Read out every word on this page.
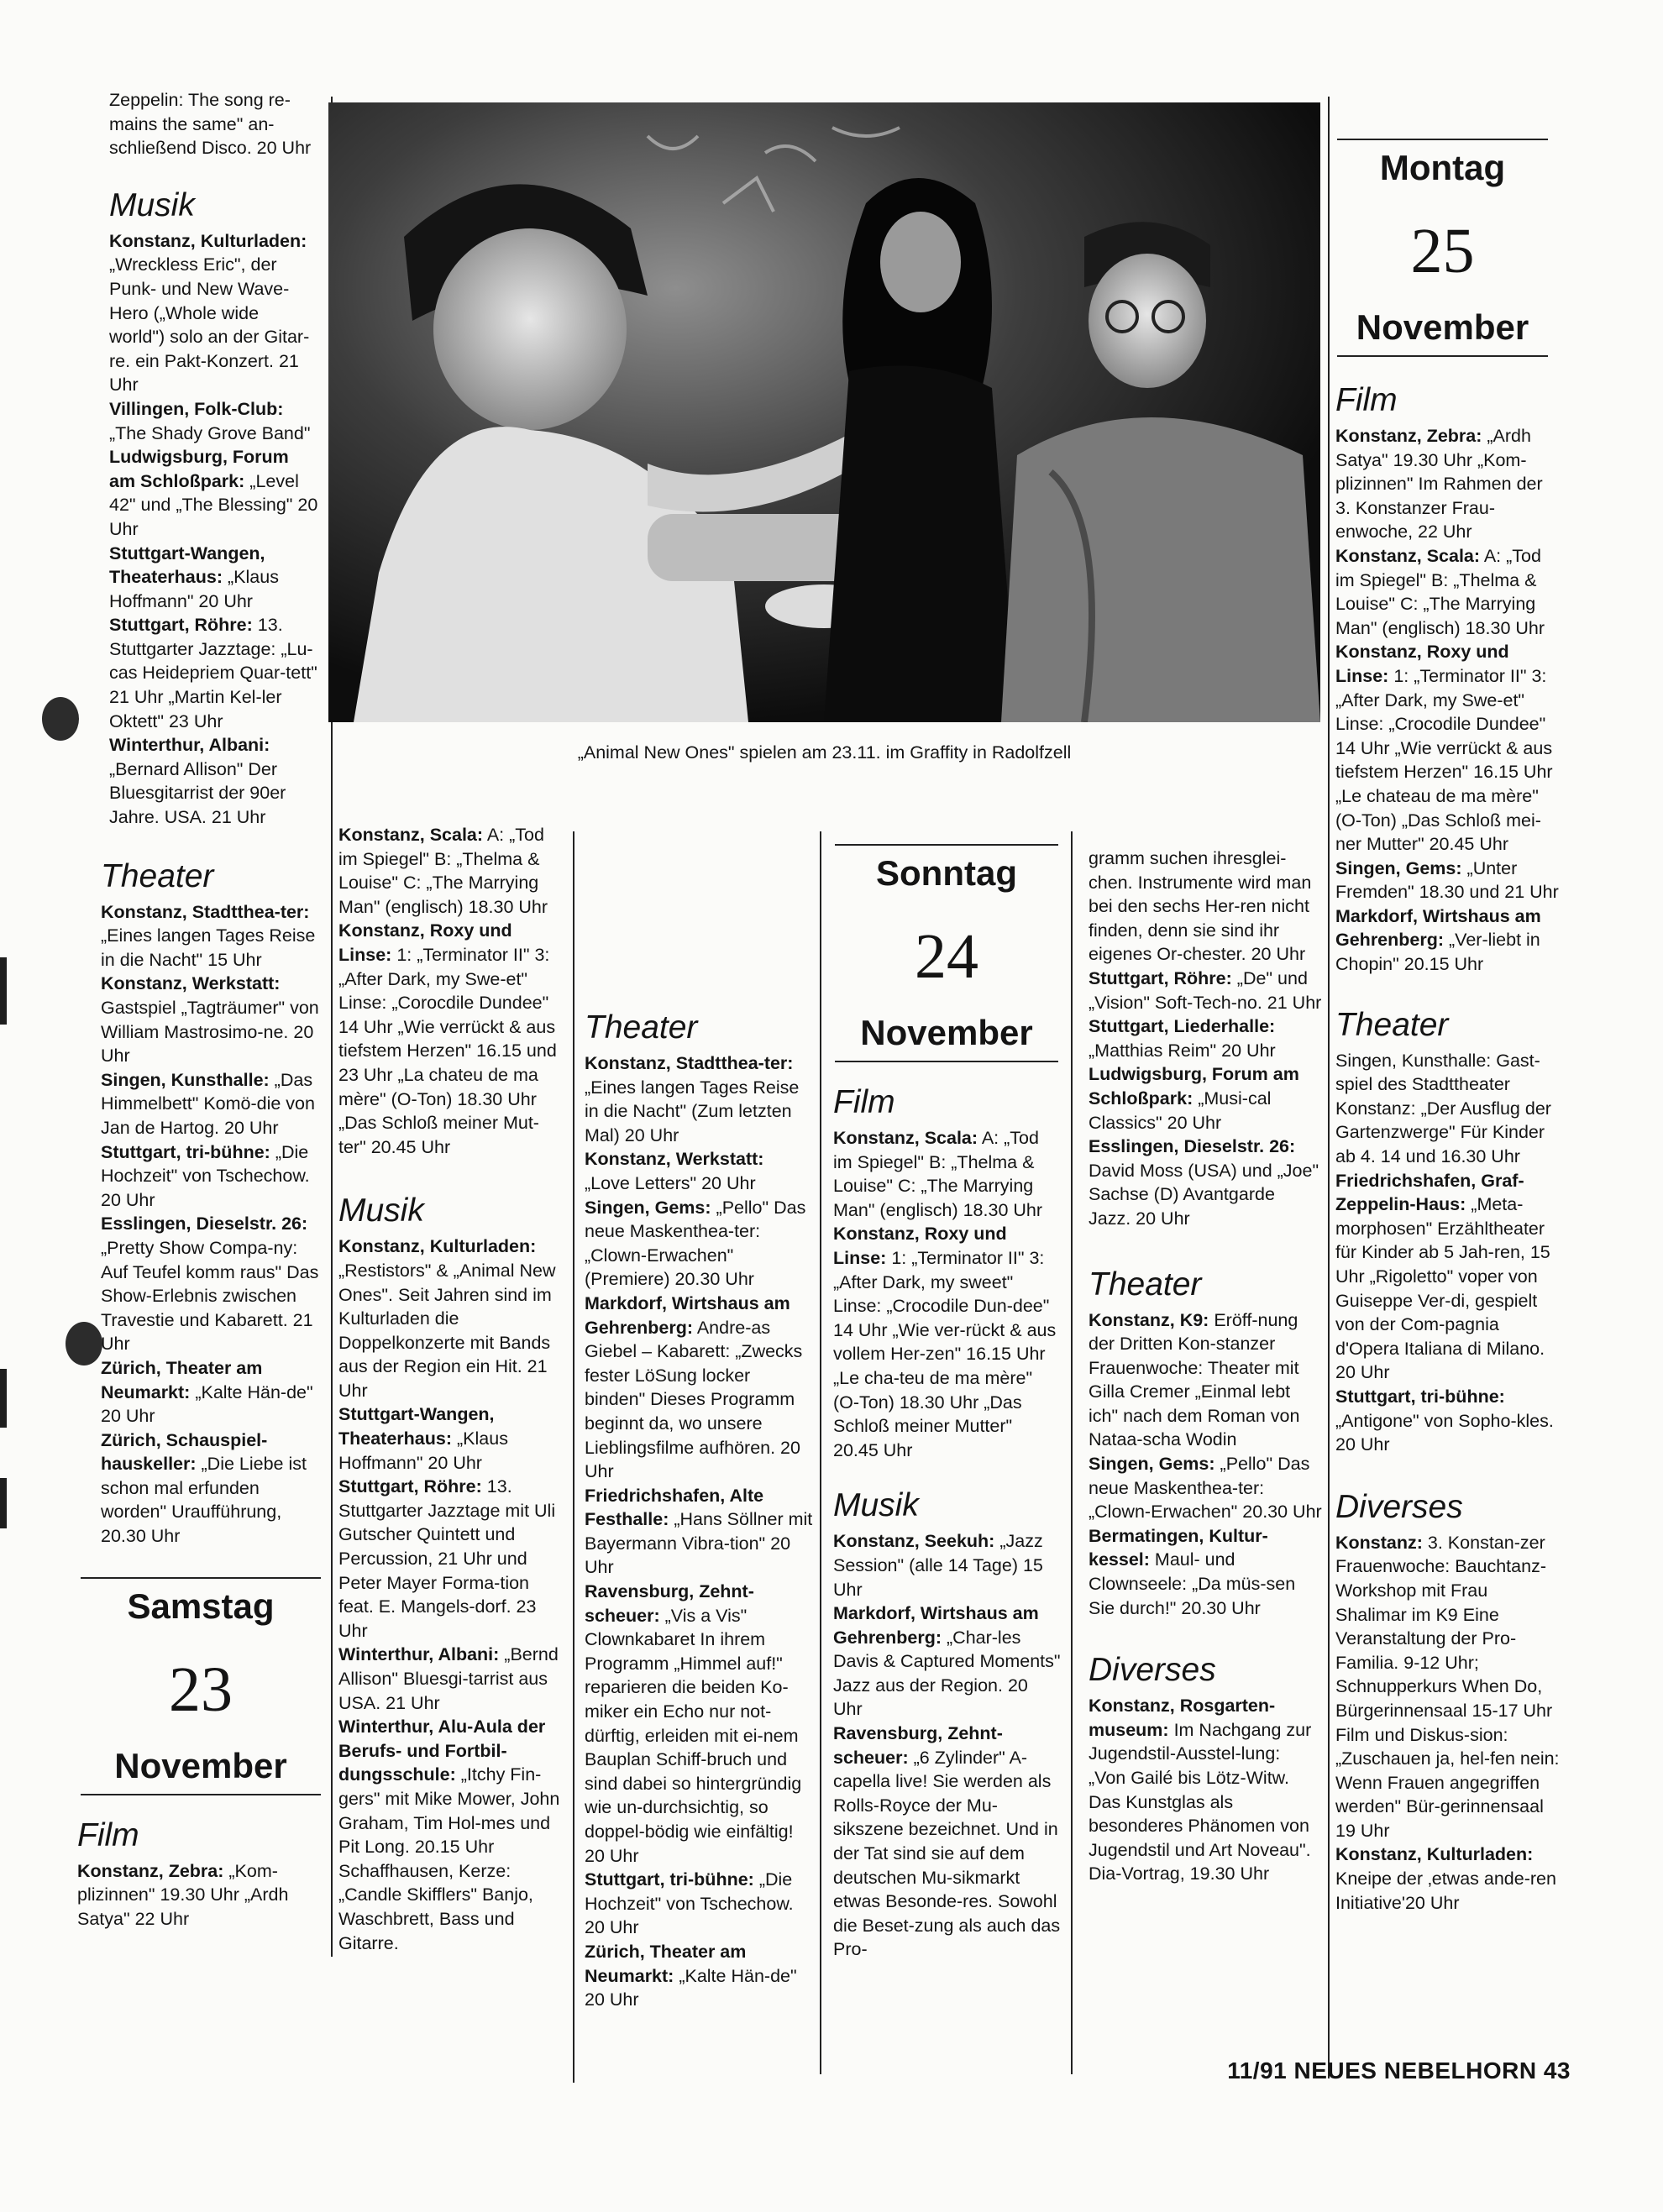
Zeppelin: The song re-mains the same" an-schließend Disco. 20 Uhr

Musik

Konstanz, Kulturladen: „Wreckless Eric", der Punk- und New Wave-Hero („Whole wide world") solo an der Gitar-re. ein Pakt-Konzert. 21 Uhr

Villingen, Folk-Club: „The Shady Grove Band"

Ludwigsburg, Forum am Schloßpark: „Level 42" und „The Blessing" 20 Uhr

Stuttgart-Wangen, Theaterhaus: „Klaus Hoffmann" 20 Uhr

Stuttgart, Röhre: 13. Stuttgarter Jazztage: „Lu-cas Heidepriem Quar-tett" 21 Uhr „Martin Kel-ler Oktett" 23 Uhr

Winterthur, Albani: „Bernard Allison" Der Bluesgitarrist der 90er Jahre. USA. 21 Uhr

Theater

Konstanz, Stadtthea-ter: „Eines langen Tages Reise in die Nacht" 15 Uhr

Konstanz, Werkstatt: Gastspiel „Tagträumer" von William Mastrosimo-ne. 20 Uhr

Singen, Kunsthalle: „Das Himmelbett" Komö-die von Jan de Hartog. 20 Uhr

Stuttgart, tri-bühne: „Die Hochzeit" von Tschechow. 20 Uhr

Esslingen, Dieselstr. 26: „Pretty Show Compa-ny: Auf Teufel komm raus" Das Show-Erlebnis zwischen Travestie und Kabarett. 21 Uhr

Zürich, Theater am Neumarkt: „Kalte Hän-de" 20 Uhr

Zürich, Schauspiel-hauskeller: „Die Liebe ist schon mal erfunden worden" Uraufführung, 20.30 Uhr

Samstag
23
November
Film

Konstanz, Zebra: „Kom-plizinnen" 19.30 Uhr „Ardh Satya" 22 Uhr

„Animal New Ones" spielen am 23.11. im Graffity in Radolfzell

Konstanz, Scala: A: „Tod im Spiegel" B: „Thelma & Louise" C: „The Marrying Man" (englisch) 18.30 Uhr

Konstanz, Roxy und Linse: 1: „Terminator II" 3: „After Dark, my Swe-et" Linse: „Corocdile Dundee" 14 Uhr „Wie verrückt & aus tiefstem Herzen" 16.15 und 23 Uhr „La chateu de ma mère" (O-Ton) 18.30 Uhr „Das Schloß meiner Mut-ter" 20.45 Uhr

Musik

Konstanz, Kulturladen: „Restistors" & „Animal New Ones". Seit Jahren sind im Kulturladen die Doppelkonzerte mit Bands aus der Region ein Hit. 21 Uhr

Stuttgart-Wangen, Theaterhaus: „Klaus Hoffmann" 20 Uhr

Stuttgart, Röhre: 13. Stuttgarter Jazztage mit Uli Gutscher Quintett und Percussion, 21 Uhr und Peter Mayer Forma-tion feat. E. Mangels-dorf. 23 Uhr

Winterthur, Albani: „Bernd Allison" Bluesgi-tarrist aus USA. 21 Uhr

Winterthur, Alu-Aula der Berufs- und Fortbil-dungsschule: „Itchy Fin-gers" mit Mike Mower, John Graham, Tim Hol-mes und Pit Long. 20.15 Uhr

Schaffhausen, Kerze: „Candle Skifflers" Banjo, Waschbrett, Bass und Gitarre.

Theater

Konstanz, Stadtthea-ter: „Eines langen Tages Reise in die Nacht" (Zum letzten Mal) 20 Uhr

Konstanz, Werkstatt: „Love Letters" 20 Uhr

Singen, Gems: „Pello" Das neue Maskenthea-ter: „Clown-Erwachen" (Premiere) 20.30 Uhr

Markdorf, Wirtshaus am Gehrenberg: Andre-as Giebel – Kabarett: „Zwecks fester LöSung locker binden" Dieses Programm beginnt da, wo unsere Lieblingsfilme aufhören. 20 Uhr

Friedrichshafen, Alte Festhalle: „Hans Söllner mit Bayermann Vibra-tion" 20 Uhr

Ravensburg, Zehnt-scheuer: „Vis a Vis" Clownkabaret In ihrem Programm „Himmel auf!" reparieren die beiden Ko-miker ein Echo nur not-dürftig, erleiden mit ei-nem Bauplan Schiff-bruch und sind dabei so hintergründig wie un-durchsichtig, so doppel-bödig wie einfältig! 20 Uhr

Stuttgart, tri-bühne: „Die Hochzeit" von Tschechow. 20 Uhr

Zürich, Theater am Neumarkt: „Kalte Hän-de" 20 Uhr

Sonntag
24
November
Film

Konstanz, Scala: A: „Tod im Spiegel" B: „Thelma & Louise" C: „The Marrying Man" (englisch) 18.30 Uhr

Konstanz, Roxy und Linse: 1: „Terminator II" 3: „After Dark, my sweet" Linse: „Crocodile Dun-dee" 14 Uhr „Wie ver-rückt & aus vollem Her-zen" 16.15 Uhr „Le cha-teu de ma mère" (O-Ton) 18.30 Uhr „Das Schloß meiner Mutter" 20.45 Uhr

Musik

Konstanz, Seekuh: „Jazz Session" (alle 14 Tage) 15 Uhr

Markdorf, Wirtshaus am Gehrenberg: „Char-les Davis & Captured Moments" Jazz aus der Region. 20 Uhr

Ravensburg, Zehnt-scheuer: „6 Zylinder" A-capella live! Sie werden als Rolls-Royce der Mu-sikszene bezeichnet. Und in der Tat sind sie auf dem deutschen Mu-sikmarkt etwas Besonde-res. Sowohl die Beset-zung als auch das Pro-

gramm suchen ihresglei-chen. Instrumente wird man bei den sechs Her-ren nicht finden, denn sie sind ihr eigenes Or-chester. 20 Uhr

Stuttgart, Röhre: „De" und „Vision" Soft-Tech-no. 21 Uhr

Stuttgart, Liederhalle: „Matthias Reim" 20 Uhr

Ludwigsburg, Forum am Schloßpark: „Musi-cal Classics" 20 Uhr

Esslingen, Dieselstr. 26: David Moss (USA) und „Joe" Sachse (D) Avantgarde Jazz. 20 Uhr

Theater

Konstanz, K9: Eröff-nung der Dritten Kon-stanzer Frauenwoche: Theater mit Gilla Cremer „Einmal lebt ich" nach dem Roman von Nataa-scha Wodin

Singen, Gems: „Pello" Das neue Maskenthea-ter: „Clown-Erwachen" 20.30 Uhr

Bermatingen, Kultur-kessel: Maul- und Clownseele: „Da müs-sen Sie durch!" 20.30 Uhr

Diverses

Konstanz, Rosgarten-museum: Im Nachgang zur Jugendstil-Ausstel-lung: „Von Gailé bis Lötz-Witw. Das Kunstglas als besonderes Phänomen von Jugendstil und Art Noveau". Dia-Vortrag, 19.30 Uhr

Montag
25
November
Film

Konstanz, Zebra: „Ardh Satya" 19.30 Uhr „Kom-plizinnen" Im Rahmen der 3. Konstanzer Frau-enwoche, 22 Uhr

Konstanz, Scala: A: „Tod im Spiegel" B: „Thelma & Louise" C: „The Marrying Man" (englisch) 18.30 Uhr

Konstanz, Roxy und Linse: 1: „Terminator II" 3: „After Dark, my Swe-et" Linse: „Crocodile Dundee" 14 Uhr „Wie verrückt & aus tiefstem Herzen" 16.15 Uhr „Le chateau de ma mère" (O-Ton) „Das Schloß mei-ner Mutter" 20.45 Uhr

Singen, Gems: „Unter Fremden" 18.30 und 21 Uhr

Markdorf, Wirtshaus am Gehrenberg: „Ver-liebt in Chopin" 20.15 Uhr

Theater

Singen, Kunsthalle: Gast-spiel des Stadttheater Konstanz: „Der Ausflug der Gartenzwerge" Für Kinder ab 4. 14 und 16.30 Uhr

Friedrichshafen, Graf-Zeppelin-Haus: „Meta-morphosen" Erzähltheater für Kinder ab 5 Jah-ren, 15 Uhr „Rigoletto" voper von Guiseppe Ver-di, gespielt von der Com-pagnia d'Opera Italiana di Milano. 20 Uhr

Stuttgart, tri-bühne: „Antigone" von Sopho-kles. 20 Uhr

Diverses

Konstanz: 3. Konstan-zer Frauenwoche: Bauchtanz-Workshop mit Frau Shalimar im K9 Eine Veranstaltung der Pro-Familia. 9-12 Uhr; Schnupperkurs When Do, Bürgerinnensaal 15-17 Uhr Film und Diskus-sion: „Zuschauen ja, hel-fen nein: Wenn Frauen angegriffen werden" Bür-gerinnensaal 19 Uhr

Konstanz, Kulturladen: Kneipe der ‚etwas ande-ren Initiative'20 Uhr

11/91 NEUES NEBELHORN 43
